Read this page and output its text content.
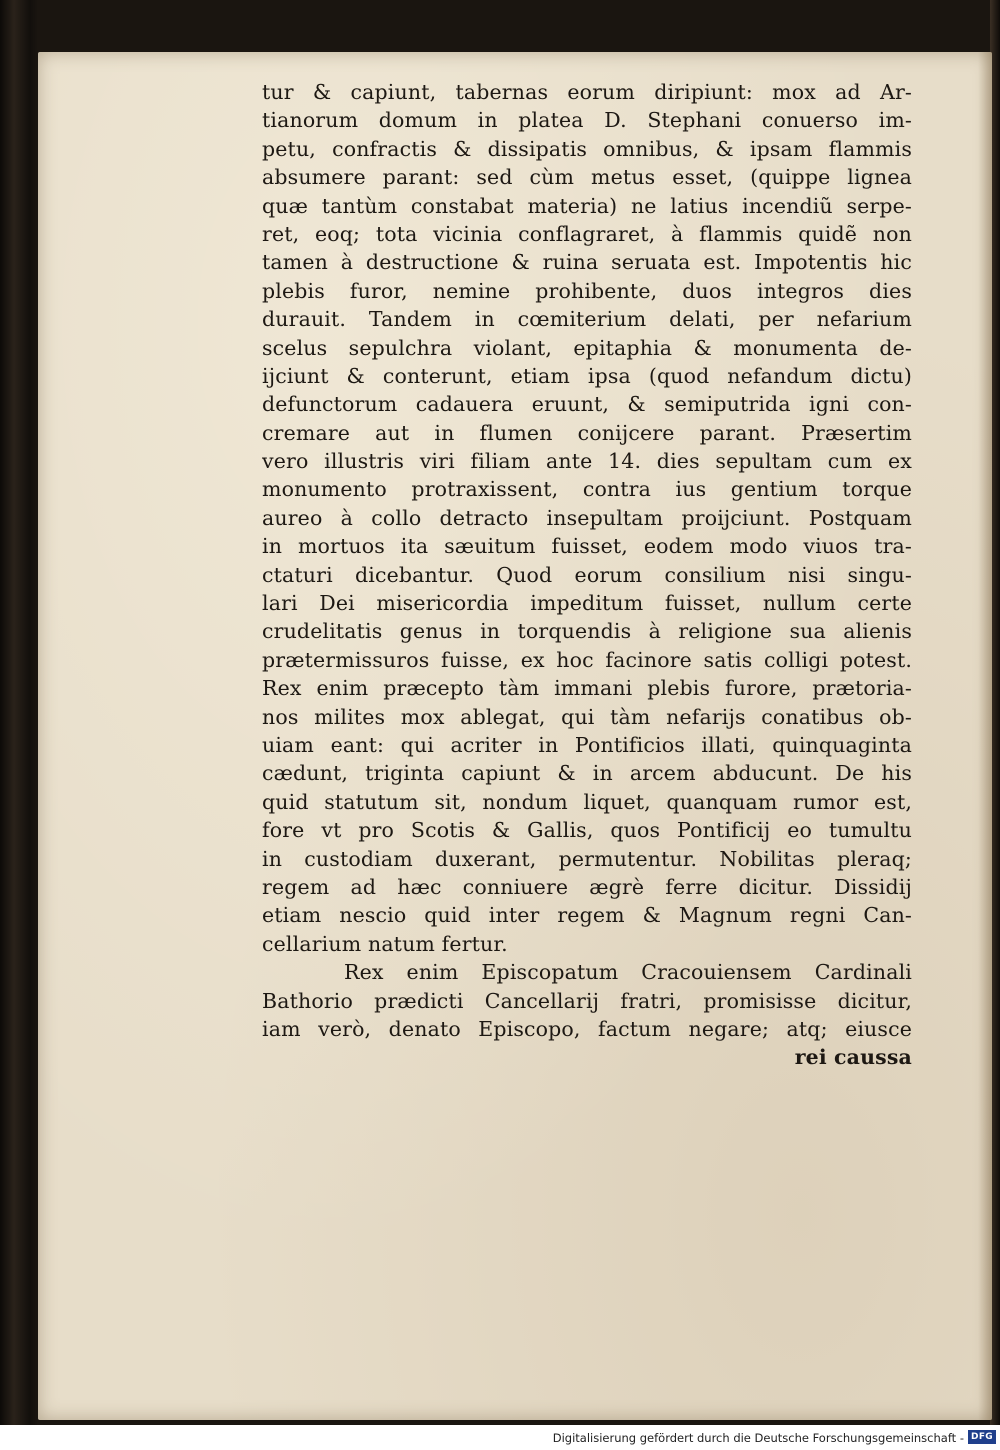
tur & capiunt, tabernas eorum diripiunt: mox ad Ar-
tianorum domum in platea D. Stephani conuerso im-
petu, confractis & dissipatis omnibus, & ipsam flammis
absumere parant: sed cùm metus esset, (quippe lignea
quæ tantùm constabat materia) ne latius incendiũ serpe-
ret, eoq; tota vicinia conflagraret, à flammis quidẽ non
tamen à destructione & ruina seruata est. Impotentis hic
plebis furor, nemine prohibente, duos integros dies
durauit. Tandem in cœmiterium delati, per nefarium
scelus sepulchra violant, epitaphia & monumenta de-
ijciunt & conterunt, etiam ipsa (quod nefandum dictu)
defunctorum cadauera eruunt, & semiputrida igni con-
cremare aut in flumen conijcere parant. Præsertim
vero illustris viri filiam ante 14. dies sepultam cum ex
monumento protraxissent, contra ius gentium torque
aureo à collo detracto insepultam proijciunt. Postquam
in mortuos ita sæuitum fuisset, eodem modo viuos tra-
ctaturi dicebantur. Quod eorum consilium nisi singu-
lari Dei misericordia impeditum fuisset, nullum certe
crudelitatis genus in torquendis à religione sua alienis
prætermissuros fuisse, ex hoc facinore satis colligi potest.
Rex enim præcepto tàm immani plebis furore, prætoria-
nos milites mox ablegat, qui tàm nefarijs conatibus ob-
uiam eant: qui acriter in Pontificios illati, quinquaginta
cædunt, triginta capiunt & in arcem abducunt. De his
quid statutum sit, nondum liquet, quanquam rumor est,
fore vt pro Scotis & Gallis, quos Pontificij eo tumultu
in custodiam duxerant, permutentur. Nobilitas pleraq;
regem ad hæc conniuere ægrè ferre dicitur. Dissidij
etiam nescio quid inter regem & Magnum regni Can-
cellarium natum fertur.
Rex enim Episcopatum Cracouiensem Cardinali
Bathorio prædicti Cancellarij fratri, promisisse dicitur,
iam verò, denato Episcopo, factum negare; atq; eiusce
rei caussa
Digitalisierung gefördert durch die Deutsche Forschungsgemeinschaft - DFG
